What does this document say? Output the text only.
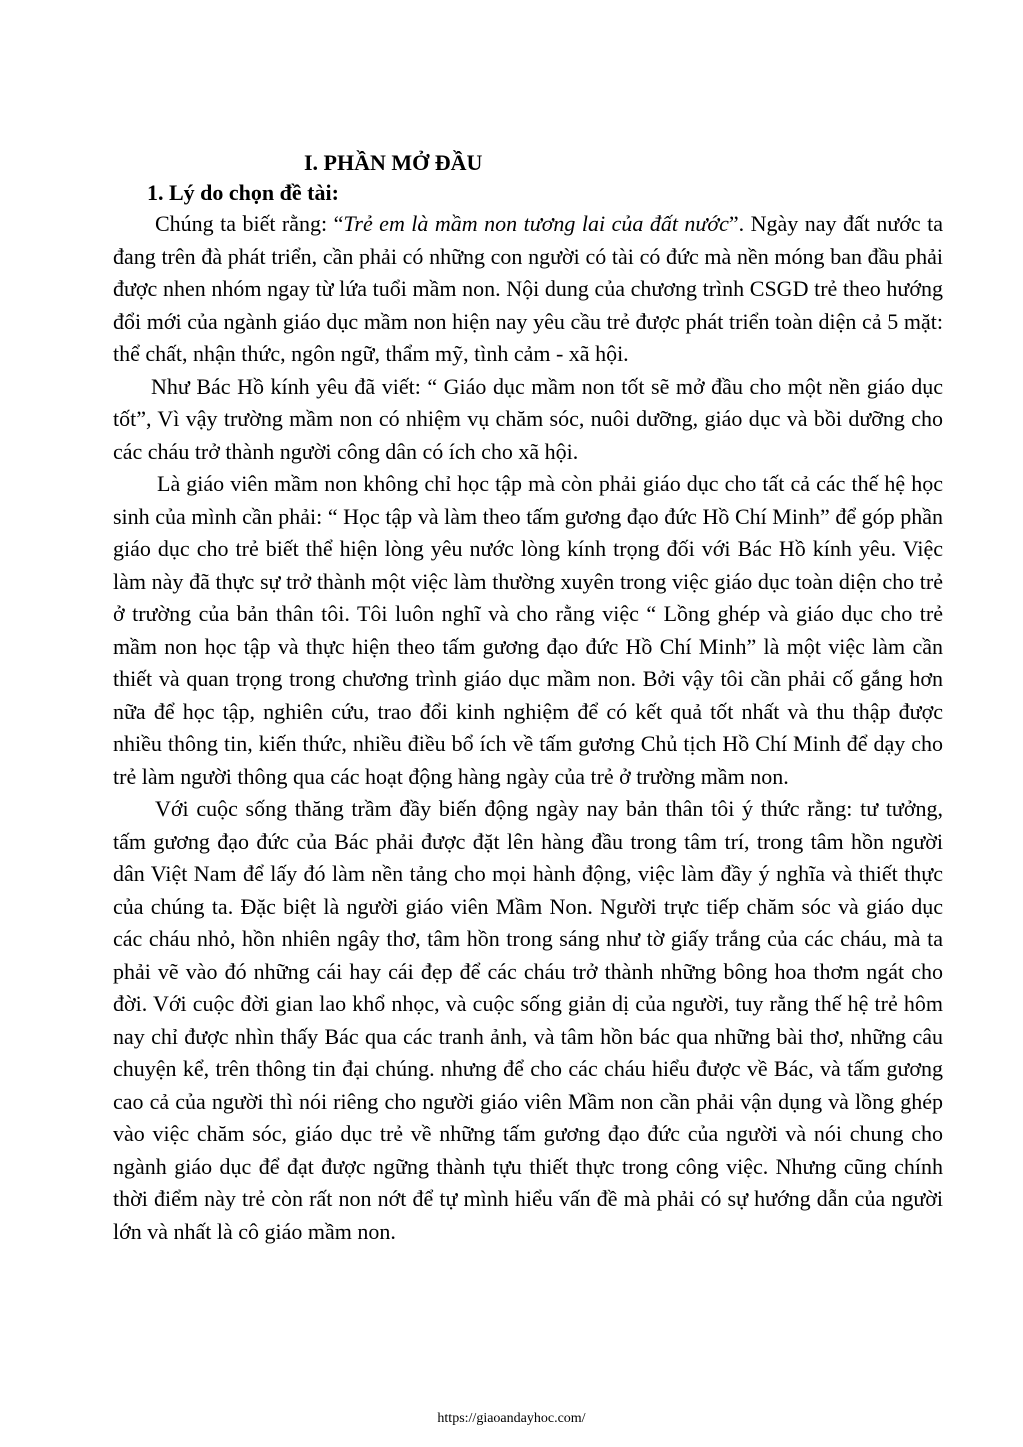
I. PHẦN MỞ ĐẦU
1. Lý do chọn đề tài:

Chúng ta biết rằng: “Trẻ em là mầm non tương lai của đất nước”. Ngày nay đất nước ta đang trên đà phát triển, cần phải có những con người có tài có đức mà nền móng ban đầu phải được nhen nhóm ngay từ lứa tuổi mầm non. Nội dung của chương trình CSGD trẻ theo hướng đổi mới của ngành giáo dục mầm non hiện nay yêu cầu trẻ được phát triển toàn diện cả 5 mặt: thể chất, nhận thức, ngôn ngữ, thẩm mỹ, tình cảm - xã hội.

Như Bác Hồ kính yêu đã viết: “ Giáo dục mầm non tốt sẽ mở đầu cho một nền giáo dục tốt”, Vì vậy trường mầm non có nhiệm vụ chăm sóc, nuôi dưỡng, giáo dục và bồi dưỡng cho các cháu trở thành người công dân có ích cho xã hội.

Là giáo viên mầm non không chỉ học tập mà còn phải giáo dục cho tất cả các thế hệ học sinh của mình cần phải: “ Học tập và làm theo tấm gương đạo đức Hồ Chí Minh” để góp phần giáo dục cho trẻ biết thể hiện lòng yêu nước lòng kính trọng đối với Bác Hồ kính yêu. Việc làm này đã thực sự trở thành một việc làm thường xuyên trong việc giáo dục toàn diện cho trẻ ở trường của bản thân tôi. Tôi luôn nghĩ và cho rằng việc “ Lồng ghép và giáo dục cho trẻ mầm non học tập và thực hiện theo tấm gương đạo đức Hồ Chí Minh” là một việc làm cần thiết và quan trọng trong chương trình giáo dục mầm non. Bởi vậy tôi cần phải cố gắng hơn nữa để học tập, nghiên cứu, trao đổi kinh nghiệm để có kết quả tốt nhất và thu thập được nhiều thông tin, kiến thức, nhiều điều bổ ích về tấm gương Chủ tịch Hồ Chí Minh để dạy cho trẻ làm người thông qua các hoạt động hàng ngày của trẻ ở trường mầm non.

Với cuộc sống thăng trầm đầy biến động ngày nay bản thân tôi ý thức rằng: tư tưởng, tấm gương đạo đức của Bác phải được đặt lên hàng đầu trong tâm trí, trong tâm hồn người dân Việt Nam để lấy đó làm nền tảng cho mọi hành động, việc làm đầy ý nghĩa và thiết thực của chúng ta. Đặc biệt là người giáo viên Mầm Non. Người trực tiếp chăm sóc và giáo dục các cháu nhỏ, hồn nhiên ngây thơ, tâm hồn trong sáng như tờ giấy trắng của các cháu, mà ta phải vẽ vào đó những cái hay cái đẹp để các cháu trở thành những bông hoa thơm ngát cho đời. Với cuộc đời gian lao khổ nhọc, và cuộc sống giản dị của người, tuy rằng thế hệ trẻ hôm nay chỉ được nhìn thấy Bác qua các tranh ảnh, và tâm hồn bác qua những bài thơ, những câu chuyện kể, trên thông tin đại chúng. nhưng để cho các cháu hiểu được về Bác, và tấm gương cao cả của người thì nói riêng cho người giáo viên Mầm non cần phải vận dụng và lồng ghép vào việc chăm sóc, giáo dục trẻ về những tấm gương đạo đức của người và nói chung cho ngành giáo dục để đạt được ngững thành tựu thiết thực trong công việc. Nhưng cũng chính thời điểm này trẻ còn rất non nớt để tự mình hiểu vấn đề mà phải có sự hướng dẫn của người lớn và nhất là cô giáo mầm non.

https://giaoandayhoc.com/
